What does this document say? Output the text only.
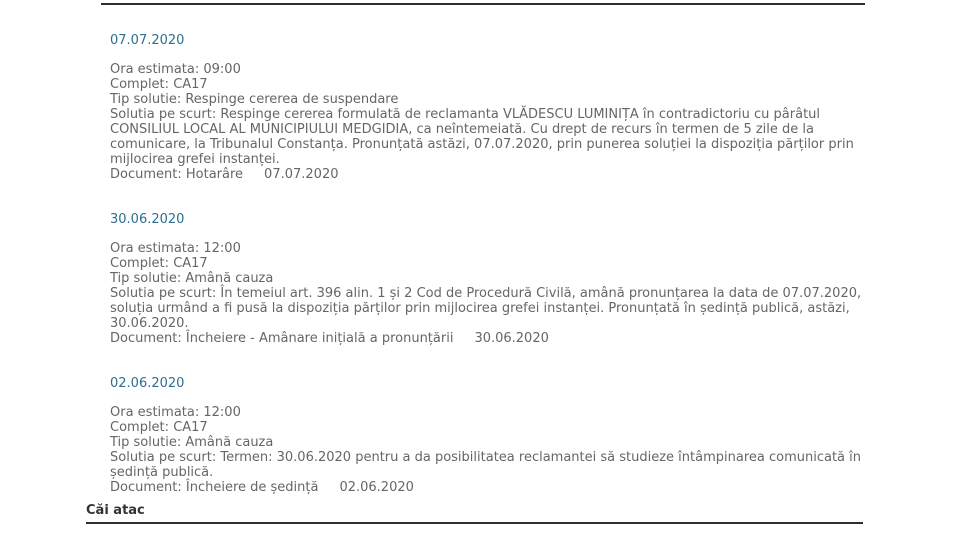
07.07.2020
Ora estimata: 09:00
Complet: CA17
Tip solutie: Respinge cererea de suspendare
Solutia pe scurt: Respinge cererea formulată de reclamanta VLĂDESCU LUMINIȚA în contradictoriu cu pârâtul CONSILIUL LOCAL AL MUNICIPIULUI MEDGIDIA, ca neîntemeiată. Cu drept de recurs în termen de 5 zile de la comunicare, la Tribunalul Constanța. Pronunțată astăzi, 07.07.2020, prin punerea soluției la dispoziția părților prin mijlocirea grefei instanței.
Document: Hotarâre 07.07.2020
30.06.2020
Ora estimata: 12:00
Complet: CA17
Tip solutie: Amână cauza
Solutia pe scurt: În temeiul art. 396 alin. 1 și 2 Cod de Procedură Civilă, amână pronunțarea la data de 07.07.2020, soluția urmând a fi pusă la dispoziția părților prin mijlocirea grefei instanței. Pronunțată în ședință publică, astăzi, 30.06.2020.
Document: Încheiere - Amânare inițială a pronunțării 30.06.2020
02.06.2020
Ora estimata: 12:00
Complet: CA17
Tip solutie: Amână cauza
Solutia pe scurt: Termen: 30.06.2020 pentru a da posibilitatea reclamantei să studieze întâmpinarea comunicată în ședință publică.
Document: Încheiere de ședință 02.06.2020
Căi atac
